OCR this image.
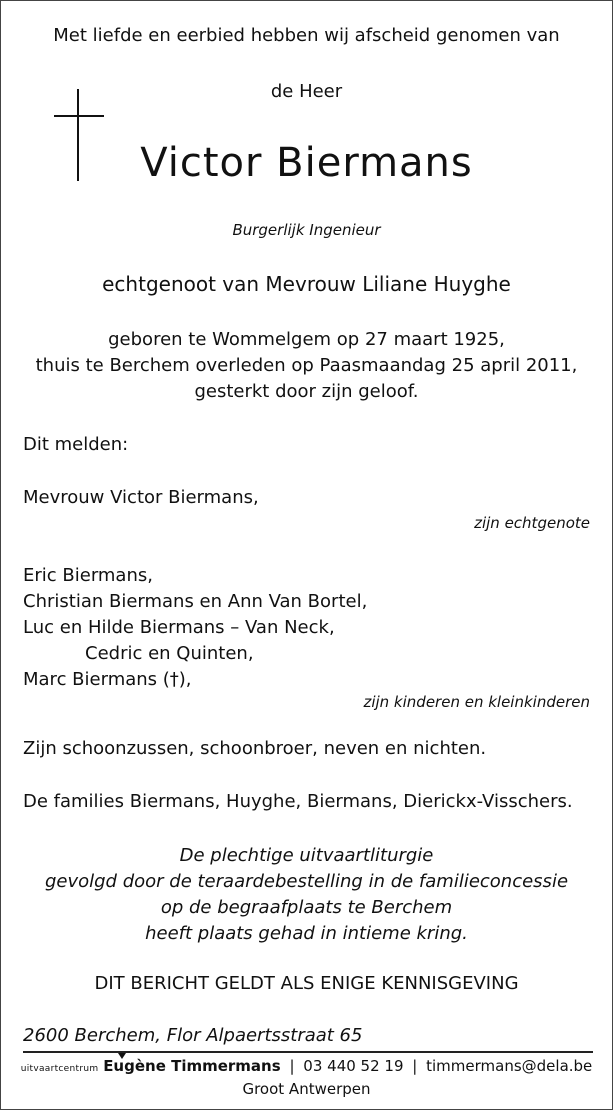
Met liefde en eerbied hebben wij afscheid genomen van
de Heer
Victor Biermans
Burgerlijk Ingenieur
echtgenoot van Mevrouw Liliane Huyghe
geboren te Wommelgem op 27 maart 1925,
thuis te Berchem overleden op Paasmaandag 25 april 2011,
gesterkt door zijn geloof.
Dit melden:
Mevrouw Victor Biermans,
zijn echtgenote
Eric Biermans,
Christian Biermans en Ann Van Bortel,
Luc en Hilde Biermans – Van Neck,
Cedric en Quinten,
Marc Biermans (†),
zijn kinderen en kleinkinderen
Zijn schoonzussen, schoonbroer, neven en nichten.
De families Biermans, Huyghe, Biermans, Dierickx-Visschers.
De plechtige uitvaartliturgie
gevolgd door de teraardebestelling in de familieconcessie
op de begraafplaats te Berchem
heeft plaats gehad in intieme kring.
DIT BERICHT GELDT ALS ENIGE KENNISGEVING
2600 Berchem, Flor Alpaertsstraat 65
uitvaartcentrum Eugène Timmermans | 03 440 52 19 | timmermans@dela.be
Groot Antwerpen
